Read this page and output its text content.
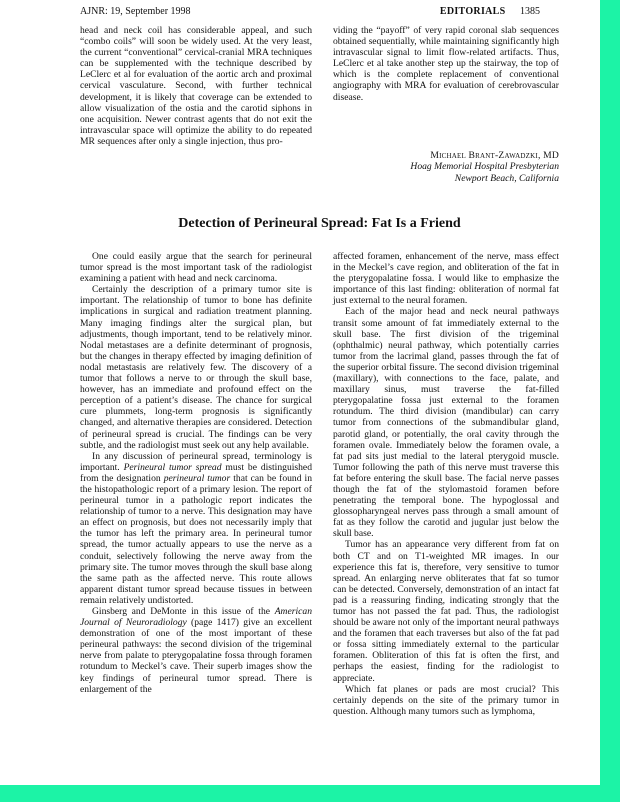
AJNR: 19, September 1998	EDITORIALS 1385

head and neck coil has considerable appeal, and such “combo coils” will soon be widely used. At the very least, the current “conventional” cervical-cranial MRA techniques can be supplemented with the technique described by LeClerc et al for evaluation of the aortic arch and proximal cervical vasculature. Second, with further technical development, it is likely that coverage can be extended to allow visualization of the ostia and the carotid siphons in one acquisition. Newer contrast agents that do not exit the intravascular space will optimize the ability to do repeated MR sequences after only a single injection, thus pro-

viding the “payoff” of very rapid coronal slab sequences obtained sequentially, while maintaining significantly high intravascular signal to limit flow-related artifacts. Thus, LeClerc et al take another step up the stairway, the top of which is the complete replacement of conventional angiography with MRA for evaluation of cerebrovascular disease.

Michael Brant-Zawadzki, MD
Hoag Memorial Hospital Presbyterian
Newport Beach, California
Detection of Perineural Spread: Fat Is a Friend

One could easily argue that the search for perineural tumor spread is the most important task of the radiologist examining a patient with head and neck carcinoma.

Certainly the description of a primary tumor site is important. The relationship of tumor to bone has definite implications in surgical and radiation treatment planning. Many imaging findings alter the surgical plan, but adjustments, though important, tend to be relatively minor. Nodal metastases are a definite determinant of prognosis, but the changes in therapy effected by imaging definition of nodal metastasis are relatively few. The discovery of a tumor that follows a nerve to or through the skull base, however, has an immediate and profound effect on the perception of a patient’s disease. The chance for surgical cure plummets, long-term prognosis is significantly changed, and alternative therapies are considered. Detection of perineural spread is crucial. The findings can be very subtle, and the radiologist must seek out any help available.

In any discussion of perineural spread, terminology is important. Perineural tumor spread must be distinguished from the designation perineural tumor that can be found in the histopathologic report of a primary lesion. The report of perineural tumor in a pathologic report indicates the relationship of tumor to a nerve. This designation may have an effect on prognosis, but does not necessarily imply that the tumor has left the primary area. In perineural tumor spread, the tumor actually appears to use the nerve as a conduit, selectively following the nerve away from the primary site. The tumor moves through the skull base along the same path as the affected nerve. This route allows apparent distant tumor spread because tissues in between remain relatively undistorted.

Ginsberg and DeMonte in this issue of the American Journal of Neuroradiology (page 1417) give an excellent demonstration of one of the most important of these perineural pathways: the second division of the trigeminal nerve from palate to pterygopalatine fossa through foramen rotundum to Meckel’s cave. Their superb images show the key findings of perineural tumor spread. There is enlargement of the

affected foramen, enhancement of the nerve, mass effect in the Meckel’s cave region, and obliteration of the fat in the pterygopalatine fossa. I would like to emphasize the importance of this last finding: obliteration of normal fat just external to the neural foramen.

Each of the major head and neck neural pathways transit some amount of fat immediately external to the skull base. The first division of the trigeminal (ophthalmic) neural pathway, which potentially carries tumor from the lacrimal gland, passes through the fat of the superior orbital fissure. The second division trigeminal (maxillary), with connections to the face, palate, and maxillary sinus, must traverse the fat-filled pterygopalatine fossa just external to the foramen rotundum. The third division (mandibular) can carry tumor from connections of the submandibular gland, parotid gland, or potentially, the oral cavity through the foramen ovale. Immediately below the foramen ovale, a fat pad sits just medial to the lateral pterygoid muscle. Tumor following the path of this nerve must traverse this fat before entering the skull base. The facial nerve passes though the fat of the stylomastoid foramen before penetrating the temporal bone. The hypoglossal and glossopharyngeal nerves pass through a small amount of fat as they follow the carotid and jugular just below the skull base.

Tumor has an appearance very different from fat on both CT and on T1-weighted MR images. In our experience this fat is, therefore, very sensitive to tumor spread. An enlarging nerve obliterates that fat so tumor can be detected. Conversely, demonstration of an intact fat pad is a reassuring finding, indicating strongly that the tumor has not passed the fat pad. Thus, the radiologist should be aware not only of the important neural pathways and the foramen that each traverses but also of the fat pad or fossa sitting immediately external to the particular foramen. Obliteration of this fat is often the first, and perhaps the easiest, finding for the radiologist to appreciate.

Which fat planes or pads are most crucial? This certainly depends on the site of the primary tumor in question. Although many tumors such as lymphoma,
